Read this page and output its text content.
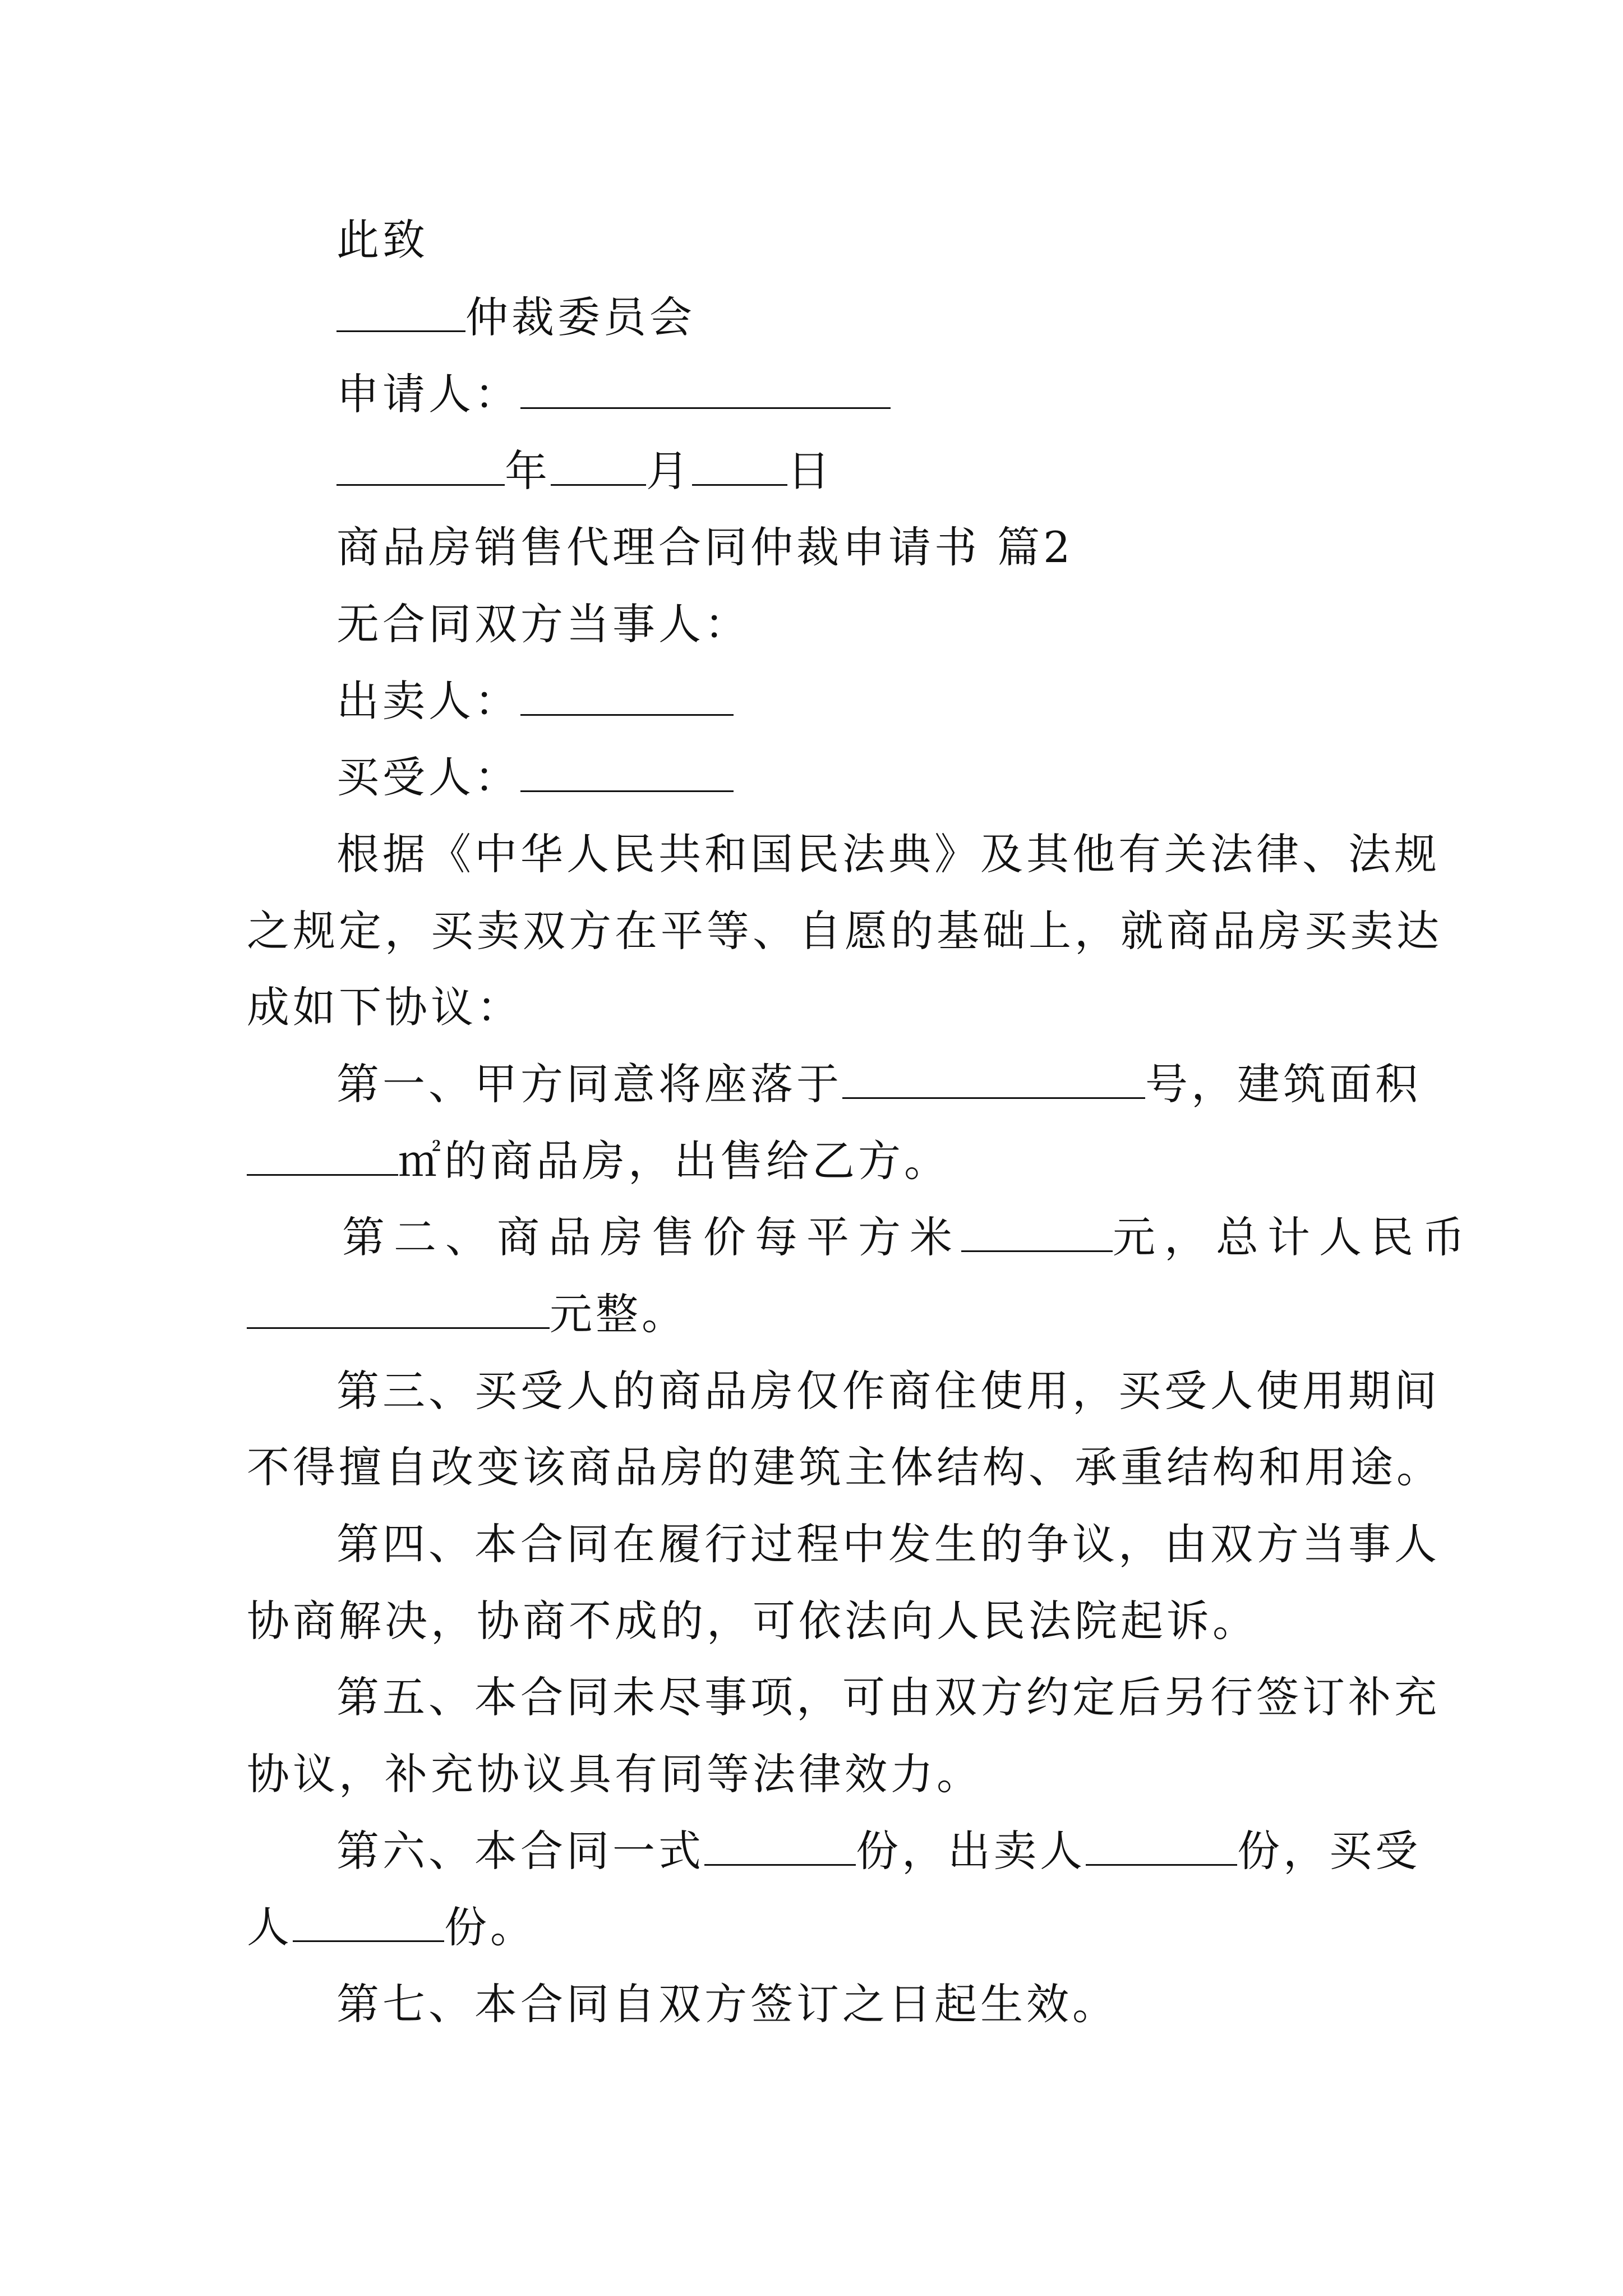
此致
仲裁委员会
申请人：
年 月 日
商品房销售代理合同仲裁申请书 篇2
无合同双方当事人：
出卖人：
买受人：
根据《中华人民共和国民法典》及其他有关法律、法规
之规定，买卖双方在平等、自愿的基础上，就商品房买卖达
成如下协议：
第一、甲方同意将座落于	号，建筑面积
㎡的商品房，出售给乙方。
第二、商品房售价每平方米	元，总计人民币
元整。
第三、买受人的商品房仅作商住使用，买受人使用期间
不得擅自改变该商品房的建筑主体结构、承重结构和用途。
第四、本合同在履行过程中发生的争议，由双方当事人
协商解决，协商不成的，可依法向人民法院起诉。
第五、本合同未尽事项，可由双方约定后另行签订补充
协议，补充协议具有同等法律效力。
第六、本合同一式	份，出卖人	份，买受
人	份。
第七、本合同自双方签订之日起生效。
